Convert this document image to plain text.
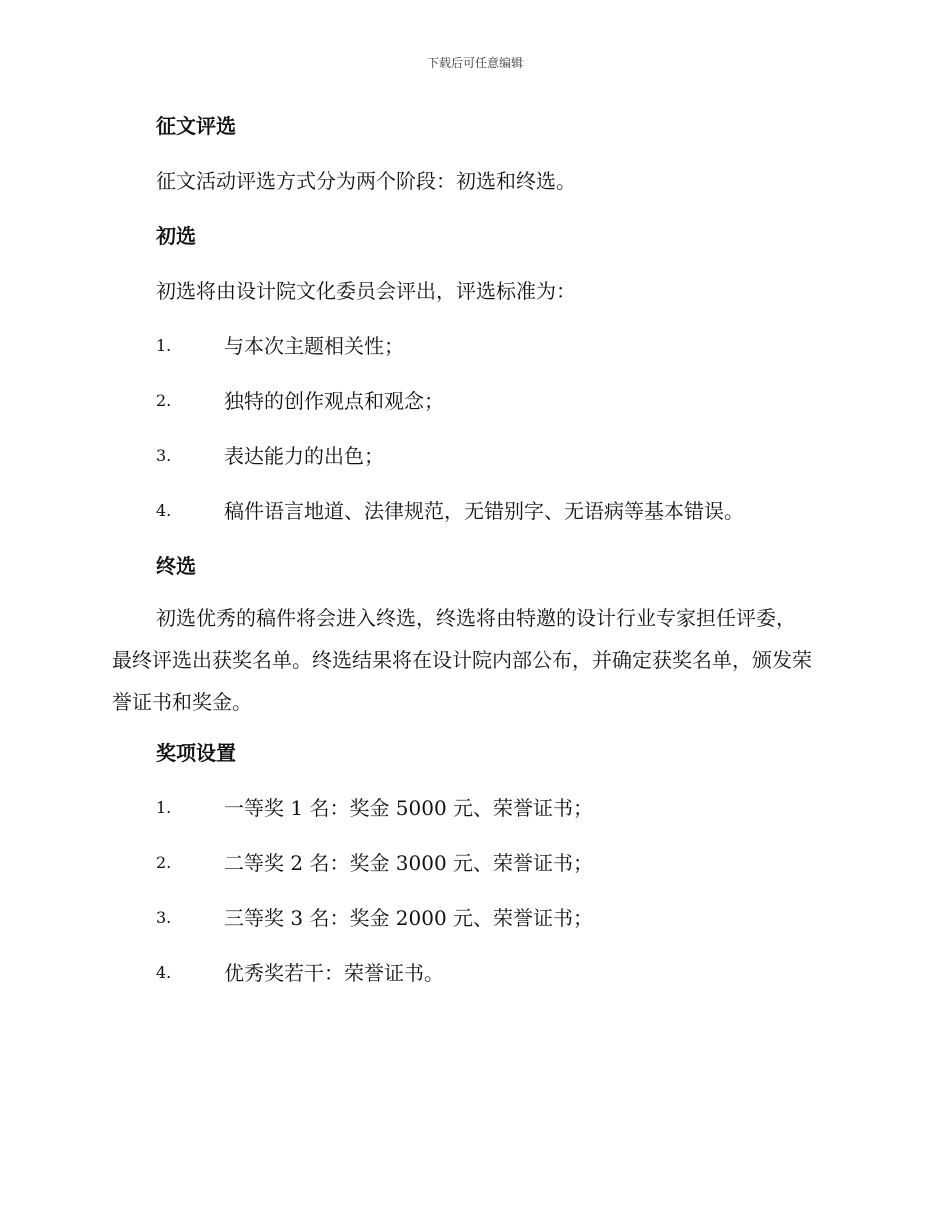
下载后可任意编辑
征文评选

征文活动评选方式分为两个阶段：初选和终选。

初选

初选将由设计院文化委员会评出，评选标准为：

1.	与本次主题相关性；
2.	独特的创作观点和观念；
3.	表达能力的出色；
4.	稿件语言地道、法律规范，无错别字、无语病等基本错误。
终选

初选优秀的稿件将会进入终选，终选将由特邀的设计行业专家担任评委，最终评选出获奖名单。终选结果将在设计院内部公布，并确定获奖名单，颁发荣誉证书和奖金。

奖项设置
1.	一等奖 1 名：奖金 5000 元、荣誉证书；
2.	二等奖 2 名：奖金 3000 元、荣誉证书；
3.	三等奖 3 名：奖金 2000 元、荣誉证书；
4.	优秀奖若干：荣誉证书。
